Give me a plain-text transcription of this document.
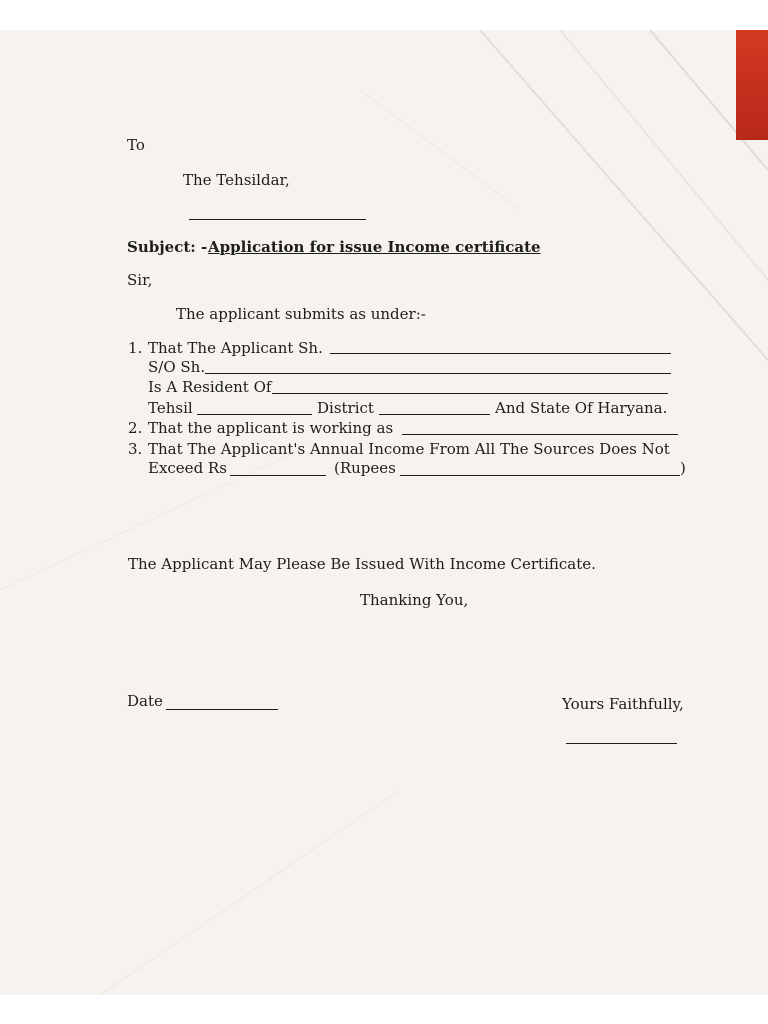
To
The Tehsildar,
Subject: - Application for issue Income certificate
Sir,
The applicant submits as under:-
1. That The Applicant Sh.
S/O Sh.
Is A Resident Of
Tehsil	District	And State Of Haryana.
2. That the applicant is working as
3. That The Applicant's Annual Income From All The Sources Does Not
Exceed Rs	(Rupees	)
The Applicant May Please Be Issued With Income Certificate.
Thanking You,
Date	Yours Faithfully,
